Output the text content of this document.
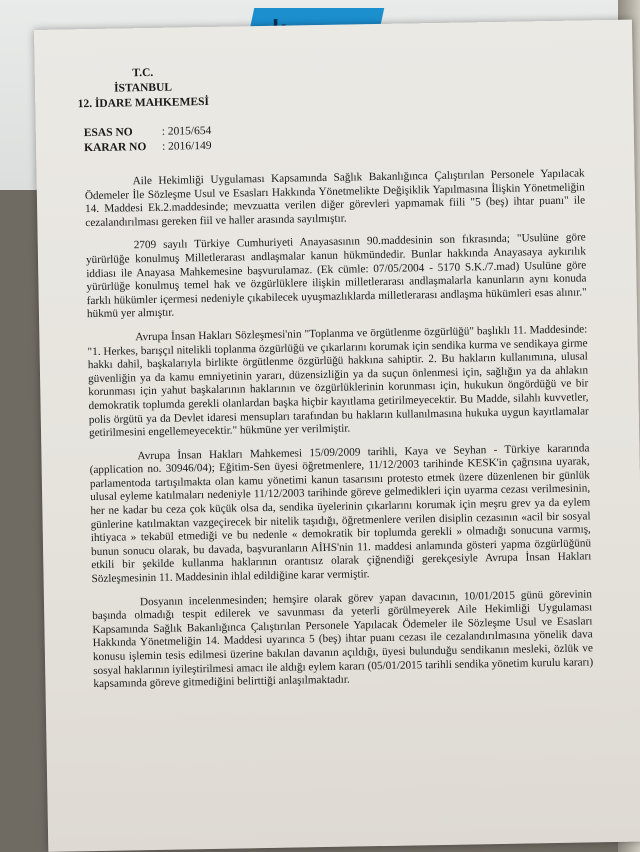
T.C.
İSTANBUL
12. İDARE MAHKEMESİ
ESAS NO	: 2015/654
KARAR NO	: 2016/149

Aile Hekimliği Uygulaması Kapsamında Sağlık Bakanlığınca Çalıştırılan Personele Yapılacak Ödemeler İle Sözleşme Usul ve Esasları Hakkında Yönetmelikte Değişiklik Yapılmasına İlişkin Yönetmeliğin 14. Maddesi Ek.2.maddesinde; mevzuatta verilen diğer görevleri yapmamak fiili "5 (beş) ihtar puanı" ile cezalandırılması gereken fiil ve haller arasında sayılmıştır.

2709 sayılı Türkiye Cumhuriyeti Anayasasının 90.maddesinin son fıkrasında; "Usulüne göre yürürlüğe konulmuş Milletlerarası andlaşmalar kanun hükmündedir. Bunlar hakkında Anayasaya aykırılık iddiası ile Anayasa Mahkemesine başvurulamaz. (Ek cümle: 07/05/2004 - 5170 S.K./7.mad) Usulüne göre yürürlüğe konulmuş temel hak ve özgürlüklere ilişkin milletlerarası andlaşmalarla kanunların aynı konuda farklı hükümler içermesi nedeniyle çıkabilecek uyuşmazlıklarda milletlerarası andlaşma hükümleri esas alınır." hükmü yer almıştır.

Avrupa İnsan Hakları Sözleşmesi'nin "Toplanma ve örgütlenme özgürlüğü" başlıklı 11. Maddesinde: "1. Herkes, barışçıl nitelikli toplanma özgürlüğü ve çıkarlarını korumak için sendika kurma ve sendikaya girme hakkı dahil, başkalarıyla birlikte örgütlenme özgürlüğü hakkına sahiptir. 2. Bu hakların kullanımına, ulusal güvenliğin ya da kamu emniyetinin yararı, düzensizliğin ya da suçun önlenmesi için, sağlığın ya da ahlakın korunması için yahut başkalarının haklarının ve özgürlüklerinin korunması için, hukukun öngördüğü ve bir demokratik toplumda gerekli olanlardan başka hiçbir kayıtlama getirilmeyecektir. Bu Madde, silahlı kuvvetler, polis örgütü ya da Devlet idaresi mensupları tarafından bu hakların kullanılmasına hukuka uygun kayıtlamalar getirilmesini engellemeyecektir." hükmüne yer verilmiştir.

Avrupa İnsan Hakları Mahkemesi 15/09/2009 tarihli, Kaya ve Seyhan - Türkiye kararında (application no. 30946/04); Eğitim-Sen üyesi öğretmenlere, 11/12/2003 tarihinde KESK'in çağrısına uyarak, parlamentoda tartışılmakta olan kamu yönetimi kanun tasarısını protesto etmek üzere düzenlenen bir günlük ulusal eyleme katılmaları nedeniyle 11/12/2003 tarihinde göreve gelmedikleri için uyarma cezası verilmesinin, her ne kadar bu ceza çok küçük olsa da, sendika üyelerinin çıkarlarını korumak için meşru grev ya da eylem günlerine katılmaktan vazgeçirecek bir nitelik taşıdığı, öğretmenlere verilen disiplin cezasının «acil bir sosyal ihtiyaca » tekabül etmediği ve bu nedenle « demokratik bir toplumda gerekli » olmadığı sonucuna varmış, bunun sonucu olarak, bu davada, başvuranların AİHS'nin 11. maddesi anlamında gösteri yapma özgürlüğünü etkili bir şekilde kullanma haklarının orantısız olarak çiğnendiği gerekçesiyle Avrupa İnsan Hakları Sözleşmesinin 11. Maddesinin ihlal edildiğine karar vermiştir.

Dosyanın incelenmesinden; hemşire olarak görev yapan davacının, 10/01/2015 günü görevinin başında olmadığı tespit edilerek ve savunması da yeterli görülmeyerek Aile Hekimliği Uygulaması Kapsamında Sağlık Bakanlığınca Çalıştırılan Personele Yapılacak Ödemeler ile Sözleşme Usul ve Esasları Hakkında Yönetmeliğin 14. Maddesi uyarınca 5 (beş) ihtar puanı cezası ile cezalandırılmasına yönelik dava konusu işlemin tesis edilmesi üzerine bakılan davanın açıldığı, üyesi bulunduğu sendikanın mesleki, özlük ve sosyal haklarının iyileştirilmesi amacı ile aldığı eylem kararı (05/01/2015 tarihli sendika yönetim kurulu kararı) kapsamında göreve gitmediğini belirttiği anlaşılmaktadır.
